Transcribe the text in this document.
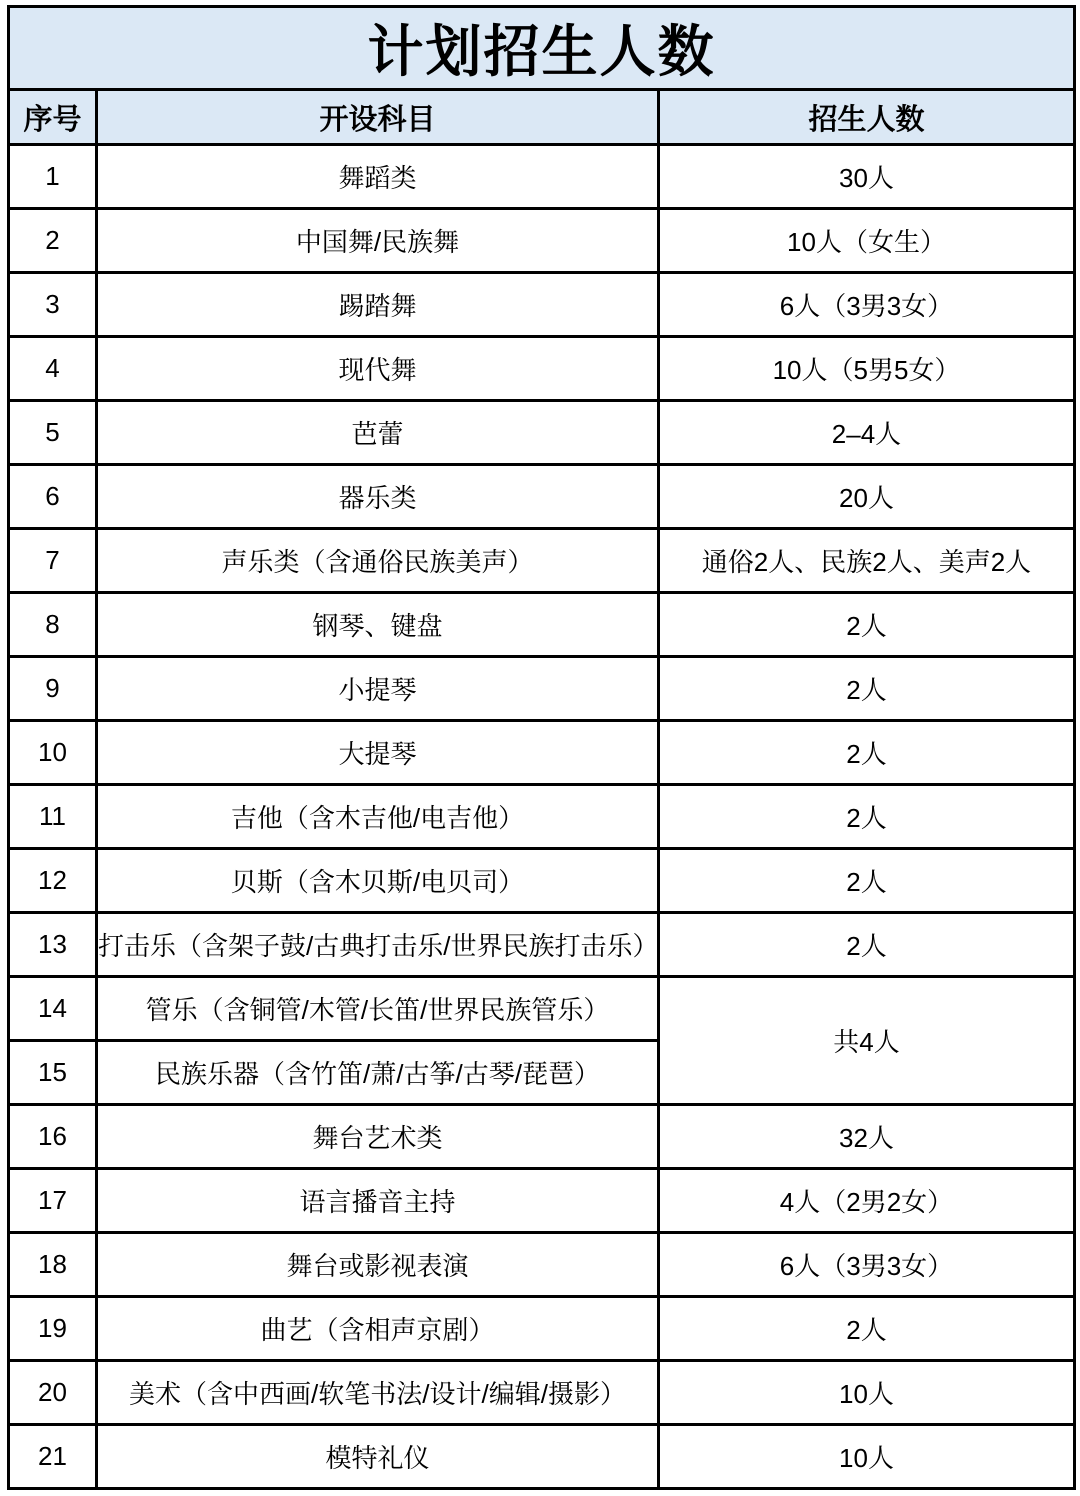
计划招生人数		
序号	开设科目	招生人数
1	舞蹈类	30人
2	中国舞/民族舞	10人（女生）
3	踢踏舞	6人（3男3女）
4	现代舞	10人（5男5女）
5	芭蕾	2–4人
6	器乐类	20人
7	声乐类（含通俗民族美声）	通俗2人、民族2人、美声2人
8	钢琴、键盘	2人
9	小提琴	2人
10	大提琴	2人
11	吉他（含木吉他/电吉他）	2人
12	贝斯（含木贝斯/电贝司）	2人
13	打击乐（含架子鼓/古典打击乐/世界民族打击乐）	2人
14	管乐（含铜管/木管/长笛/世界民族管乐）	共4人
15	民族乐器（含竹笛/萧/古筝/古琴/琵琶）	
16	舞台艺术类	32人
17	语言播音主持	4人（2男2女）
18	舞台或影视表演	6人（3男3女）
19	曲艺（含相声京剧）	2人
20	美术（含中西画/软笔书法/设计/编辑/摄影）	10人
21	模特礼仪	10人
